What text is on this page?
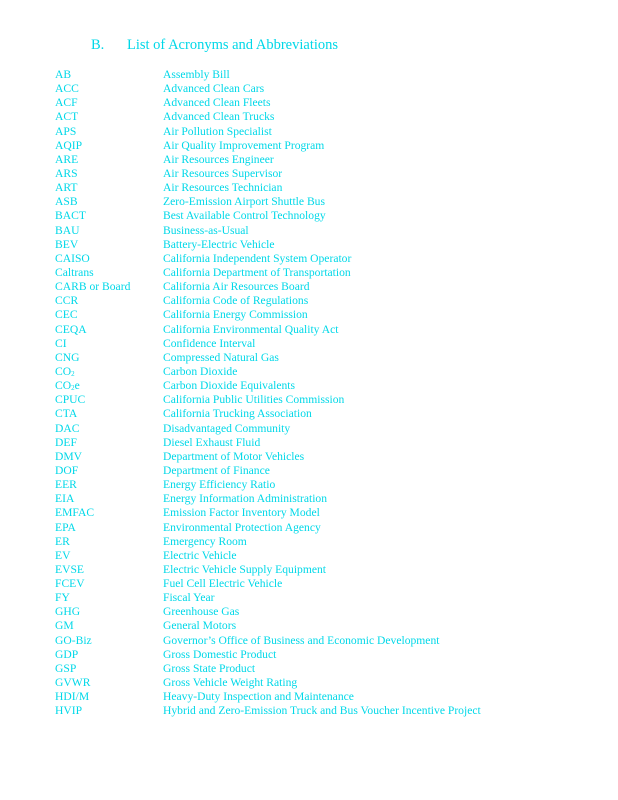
B. List of Acronyms and Abbreviations
AB	Assembly Bill
ACC	Advanced Clean Cars
ACF	Advanced Clean Fleets
ACT	Advanced Clean Trucks
APS	Air Pollution Specialist
AQIP	Air Quality Improvement Program
ARE	Air Resources Engineer
ARS	Air Resources Supervisor
ART	Air Resources Technician
ASB	Zero-Emission Airport Shuttle Bus
BACT	Best Available Control Technology
BAU	Business-as-Usual
BEV	Battery-Electric Vehicle
CAISO	California Independent System Operator
Caltrans	California Department of Transportation
CARB or Board	California Air Resources Board
CCR	California Code of Regulations
CEC	California Energy Commission
CEQA	California Environmental Quality Act
CI	Confidence Interval
CNG	Compressed Natural Gas
$CO_2$	Carbon Dioxide
$CO_2e$	Carbon Dioxide Equivalents
CPUC	California Public Utilities Commission
CTA	California Trucking Association
DAC	Disadvantaged Community
DEF	Diesel Exhaust Fluid
DMV	Department of Motor Vehicles
DOF	Department of Finance
EER	Energy Efficiency Ratio
EIA	Energy Information Administration
EMFAC	Emission Factor Inventory Model
EPA	Environmental Protection Agency
ER	Emergency Room
EV	Electric Vehicle
EVSE	Electric Vehicle Supply Equipment
FCEV	Fuel Cell Electric Vehicle
FY	Fiscal Year
GHG	Greenhouse Gas
GM	General Motors
GO-Biz	Governor’s Office of Business and Economic Development
GDP	Gross Domestic Product
GSP	Gross State Product
GVWR	Gross Vehicle Weight Rating
HDI/M	Heavy-Duty Inspection and Maintenance
HVIP	Hybrid and Zero-Emission Truck and Bus Voucher Incentive Project
